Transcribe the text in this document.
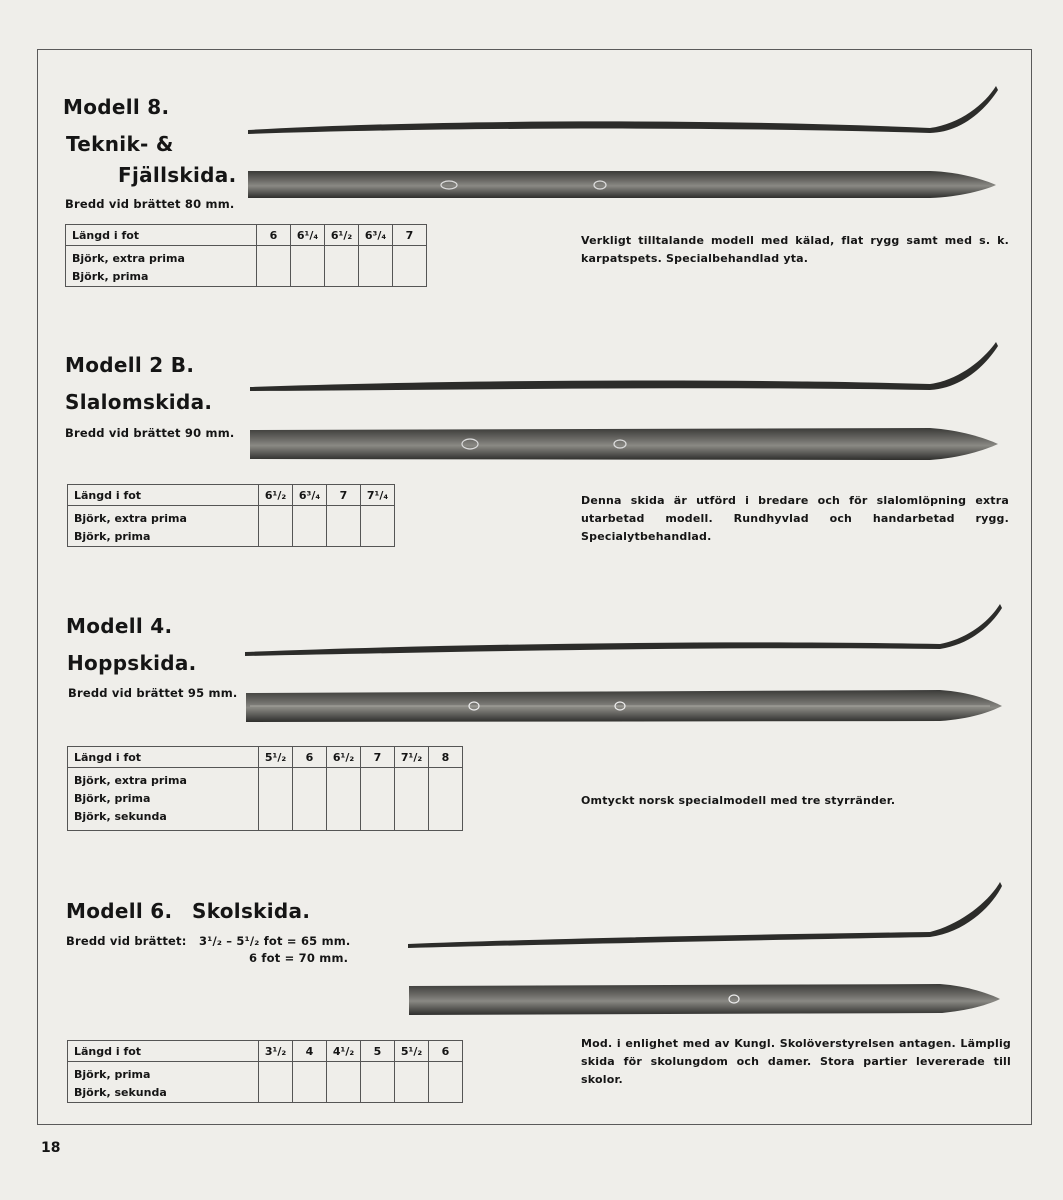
Modell 8.
Teknik- &
Fjällskida.
Bredd vid brättet 80 mm.
Längd i fot	6	6¹/₄	6¹/₂	6³/₄	7

Björk, extra prima
Björk, prima					

Verkligt tilltalande modell med kälad, flat rygg samt med s. k. karpatspets. Specialbehandlad yta.
Modell 2 B.
Slalomskida.
Bredd vid brättet 90 mm.
Längd i fot	6¹/₂	6³/₄	7	7¹/₄

Björk, extra prima
Björk, prima				

Denna skida är utförd i bredare och för slalomlöpning extra utarbetad modell. Rundhyvlad och handarbetad rygg. Specialytbehandlad.
Modell 4.
Hoppskida.
Bredd vid brättet 95 mm.
Längd i fot	5¹/₂	6	6¹/₂	7	7¹/₂	8

Björk, extra prima
Björk, prima
Björk, sekunda						

Omtyckt norsk specialmodell med tre styrränder.
Modell 6. Skolskida.
Bredd vid brättet: 3¹/₂ – 5¹/₂ fot = 65 mm.
6 fot = 70 mm.
Längd i fot	3¹/₂	4	4¹/₂	5	5¹/₂	6

Björk, prima
Björk, sekunda						

Mod. i enlighet med av Kungl. Skolöverstyrelsen antagen. Lämplig skida för skolungdom och damer. Stora partier levererade till skolor.
18
